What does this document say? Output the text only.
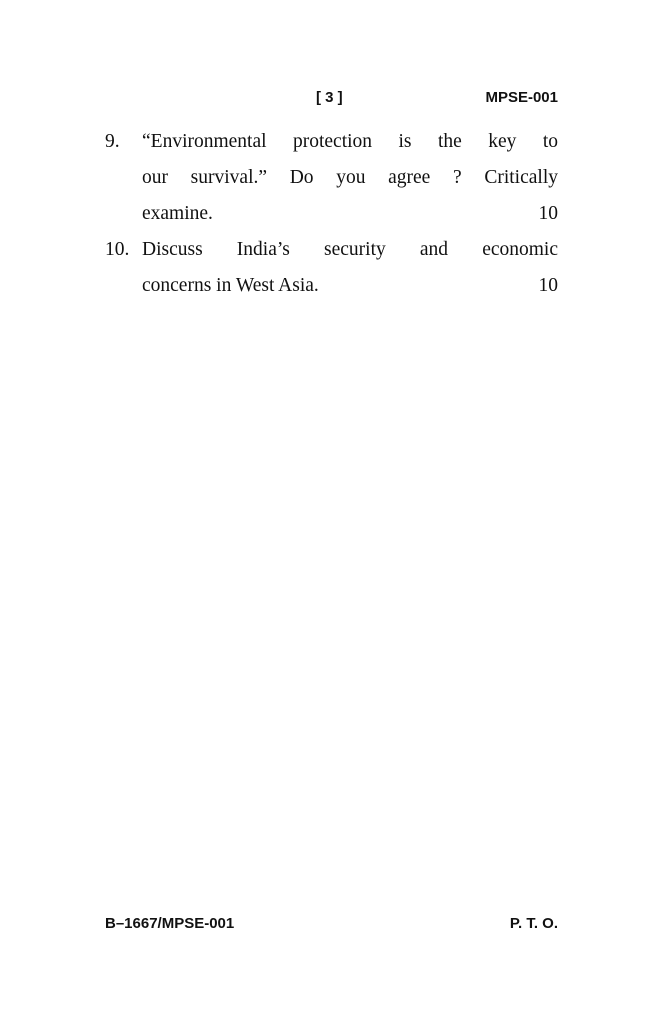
[ 3 ]	MPSE-001
9. “Environmental protection is the key to
our survival.” Do you agree ? Critically
examine.	10
10. Discuss India’s security and economic
concerns in West Asia.	10
B–1667/MPSE-001	P. T. O.
